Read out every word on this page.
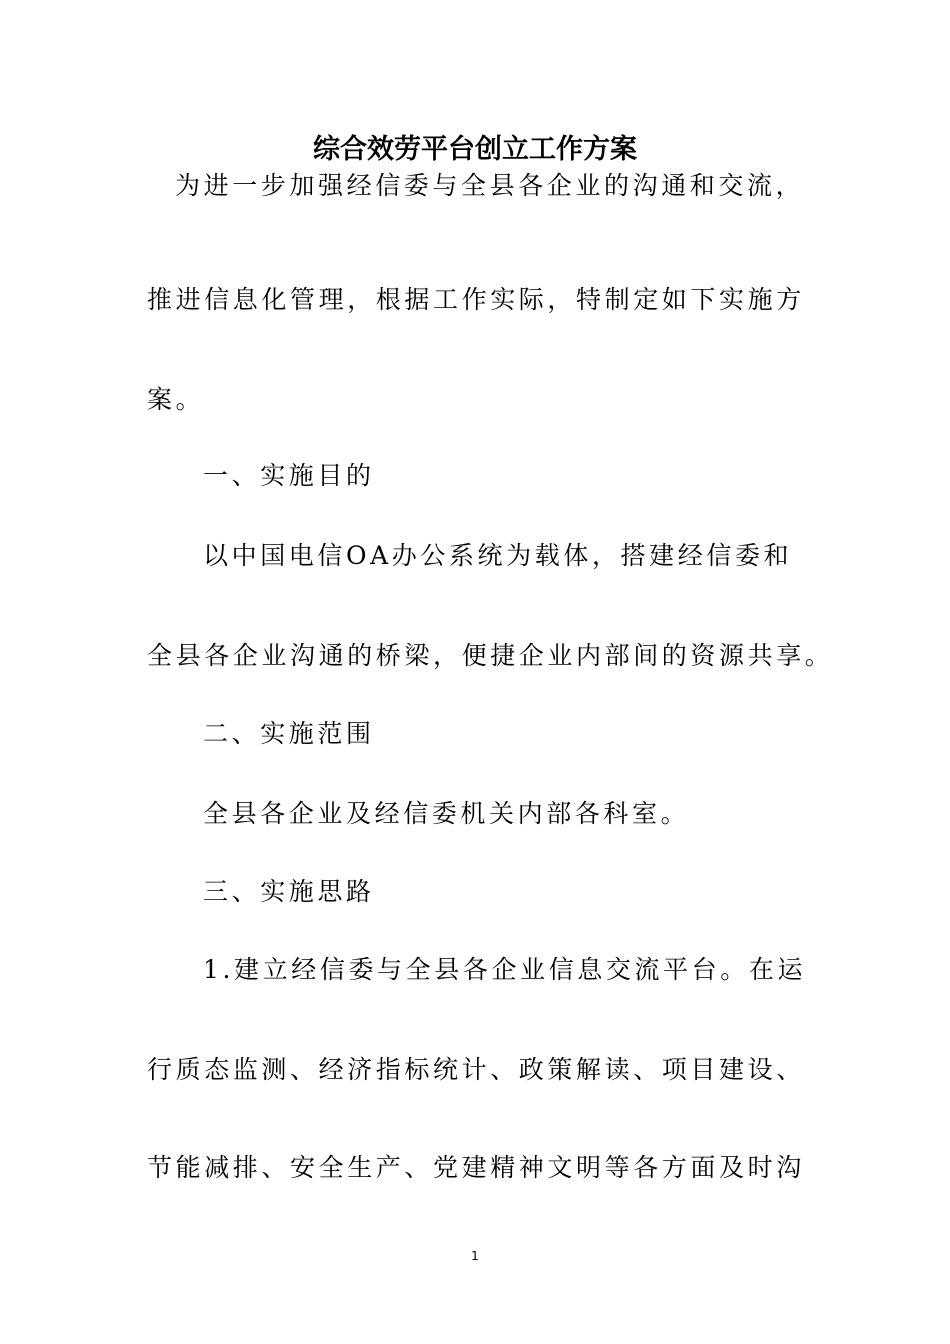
综合效劳平台创立工作方案

为进一步加强经信委与全县各企业的沟通和交流，

推进信息化管理，根据工作实际，特制定如下实施方

案。

一、实施目的

以中国电信OA办公系统为载体，搭建经信委和

全县各企业沟通的桥梁，便捷企业内部间的资源共享。

二、实施范围

全县各企业及经信委机关内部各科室。

三、实施思路

1.建立经信委与全县各企业信息交流平台。在运

行质态监测、经济指标统计、政策解读、项目建设、

节能减排、安全生产、党建精神文明等各方面及时沟

1
